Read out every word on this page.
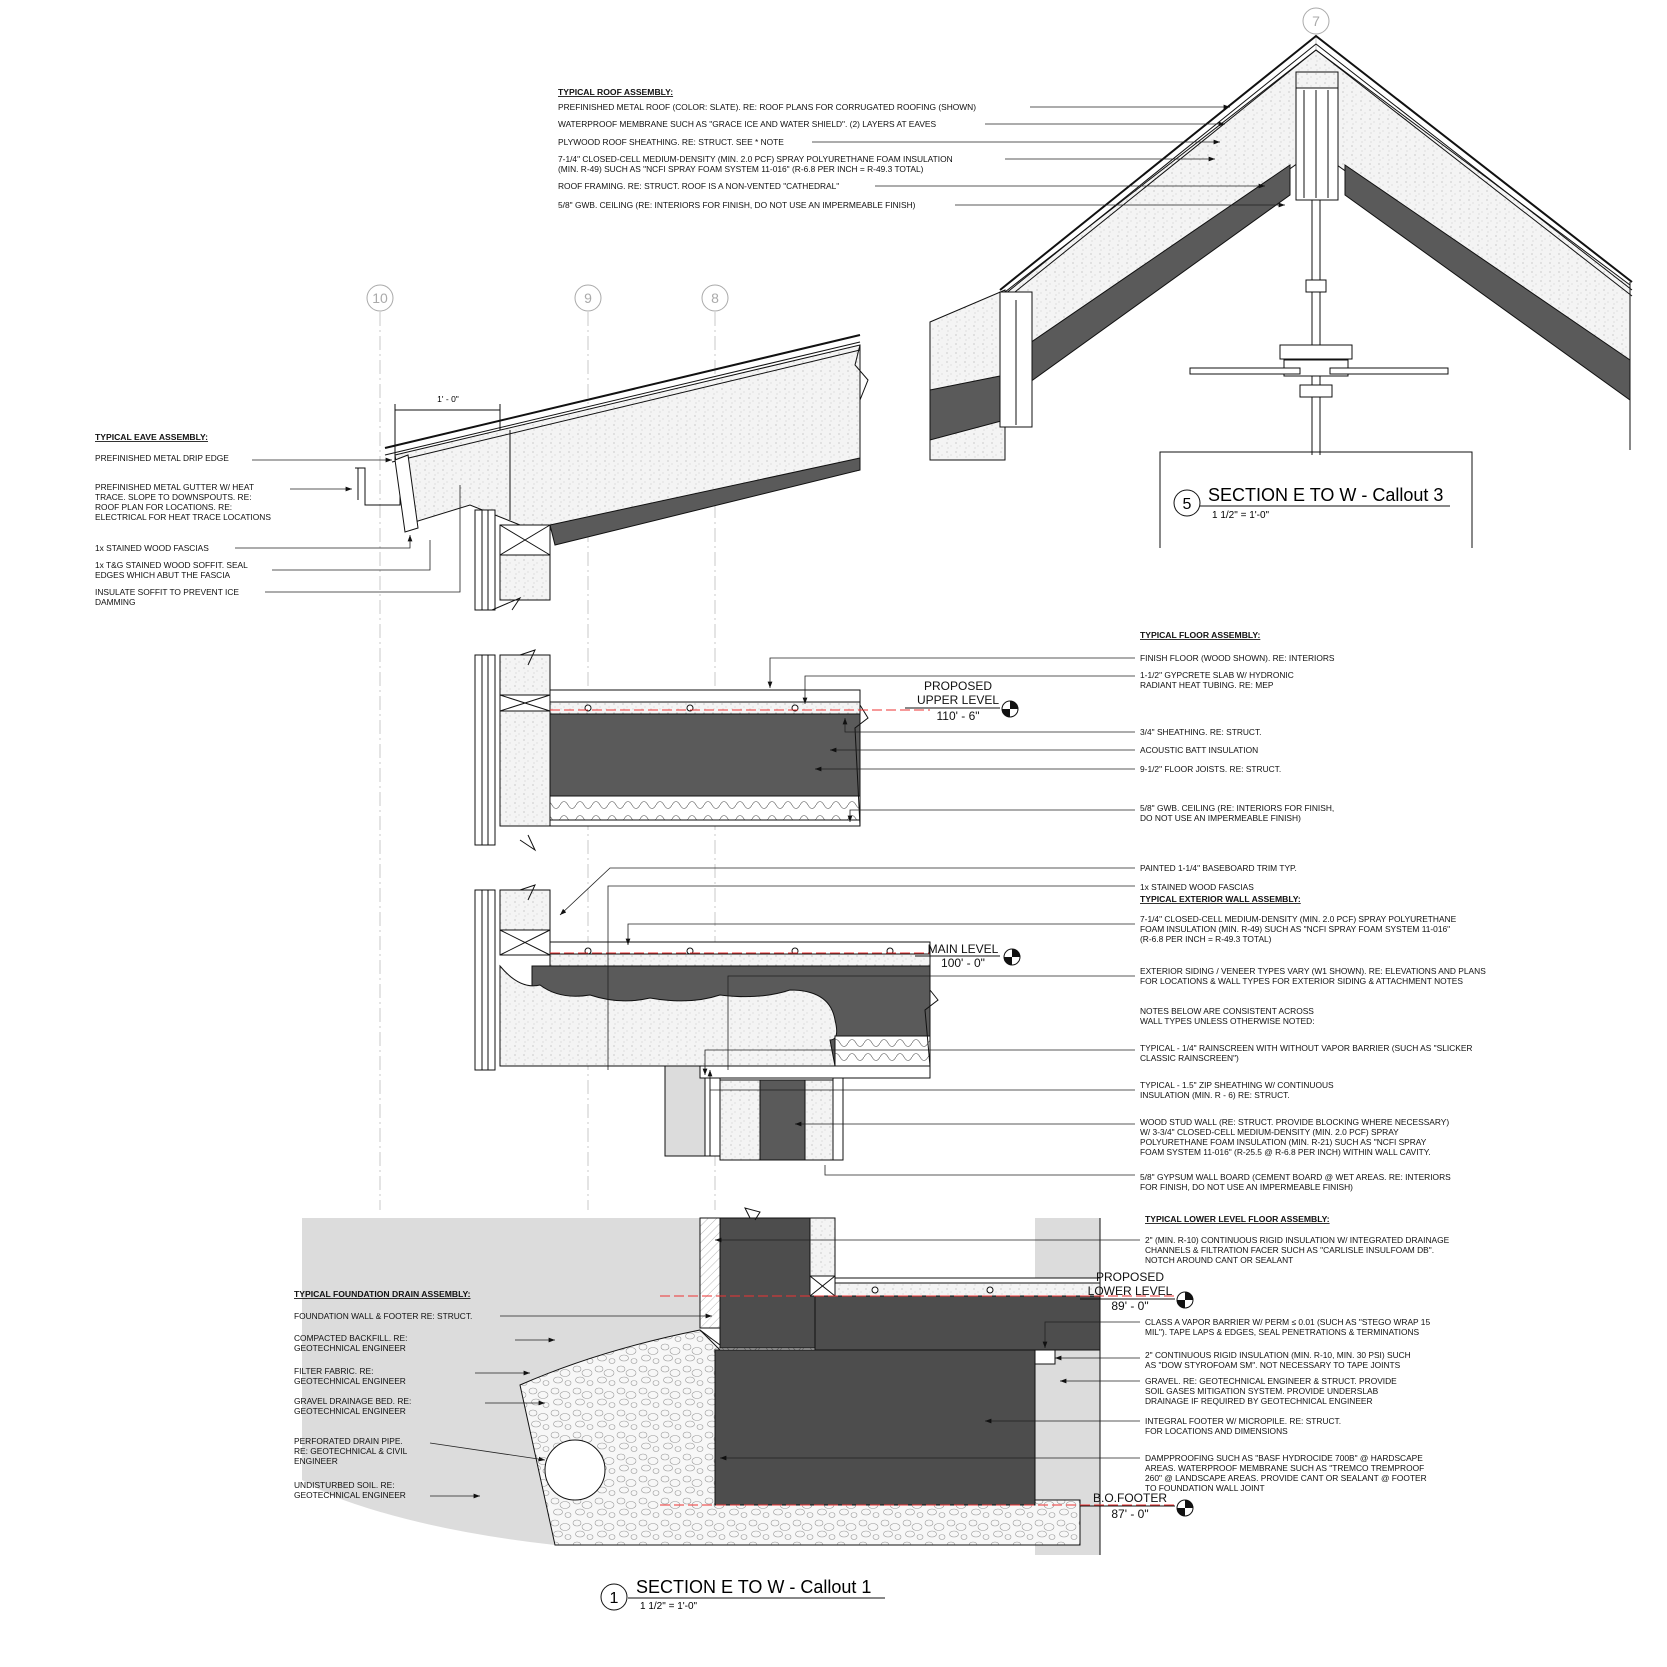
7
10	9	8
TYPICAL ROOF ASSEMBLY:
PREFINISHED METAL ROOF (COLOR: SLATE). RE: ROOF PLANS FOR CORRUGATED ROOFING (SHOWN)
WATERPROOF MEMBRANE SUCH AS "GRACE ICE AND WATER SHIELD". (2) LAYERS AT EAVES
PLYWOOD ROOF SHEATHING. RE: STRUCT. SEE * NOTE
7-1/4" CLOSED-CELL MEDIUM-DENSITY (MIN. 2.0 PCF) SPRAY POLYURETHANE FOAM INSULATION
(MIN. R-49) SUCH AS "NCFI SPRAY FOAM SYSTEM 11-016" (R-6.8 PER INCH = R-49.3 TOTAL)
ROOF FRAMING. RE: STRUCT. ROOF IS A NON-VENTED "CATHEDRAL"
5/8" GWB. CEILING (RE: INTERIORS FOR FINISH, DO NOT USE AN IMPERMEABLE FINISH)
5 SECTION E TO W - Callout 3
1 1/2" = 1'-0"
1' - 0"
TYPICAL EAVE ASSEMBLY:
PREFINISHED METAL DRIP EDGE
PREFINISHED METAL GUTTER W/ HEAT
TRACE. SLOPE TO DOWNSPOUTS. RE:
ROOF PLAN FOR LOCATIONS. RE:
ELECTRICAL FOR HEAT TRACE LOCATIONS
1x STAINED WOOD FASCIAS
1x T&G STAINED WOOD SOFFIT. SEAL
EDGES WHICH ABUT THE FASCIA
INSULATE SOFFIT TO PREVENT ICE
DAMMING
PROPOSED
UPPER LEVEL
110' - 6"
TYPICAL FLOOR ASSEMBLY:
FINISH FLOOR (WOOD SHOWN). RE: INTERIORS
1-1/2" GYPCRETE SLAB W/ HYDRONIC
RADIANT HEAT TUBING. RE: MEP
3/4" SHEATHING. RE: STRUCT.
ACOUSTIC BATT INSULATION
9-1/2" FLOOR JOISTS. RE: STRUCT.
5/8" GWB. CEILING (RE: INTERIORS FOR FINISH,
DO NOT USE AN IMPERMEABLE FINISH)
MAIN LEVEL
100' - 0"
PAINTED 1-1/4" BASEBOARD TRIM TYP.
1x STAINED WOOD FASCIAS
TYPICAL EXTERIOR WALL ASSEMBLY:
7-1/4" CLOSED-CELL MEDIUM-DENSITY (MIN. 2.0 PCF) SPRAY POLYURETHANE
FOAM INSULATION (MIN. R-49) SUCH AS "NCFI SPRAY FOAM SYSTEM 11-016"
(R-6.8 PER INCH = R-49.3 TOTAL)
EXTERIOR SIDING / VENEER TYPES VARY (W1 SHOWN). RE: ELEVATIONS AND PLANS
FOR LOCATIONS & WALL TYPES FOR EXTERIOR SIDING & ATTACHMENT NOTES
NOTES BELOW ARE CONSISTENT ACROSS
WALL TYPES UNLESS OTHERWISE NOTED:
TYPICAL - 1/4" RAINSCREEN WITH WITHOUT VAPOR BARRIER (SUCH AS "SLICKER
CLASSIC RAINSCREEN")
TYPICAL - 1.5" ZIP SHEATHING W/ CONTINUOUS
INSULATION (MIN. R - 6) RE: STRUCT.
WOOD STUD WALL (RE: STRUCT. PROVIDE BLOCKING WHERE NECESSARY)
W/ 3-3/4" CLOSED-CELL MEDIUM-DENSITY (MIN. 2.0 PCF) SPRAY
POLYURETHANE FOAM INSULATION (MIN. R-21) SUCH AS "NCFI SPRAY
FOAM SYSTEM 11-016" (R-25.5 @ R-6.8 PER INCH) WITHIN WALL CAVITY.
5/8" GYPSUM WALL BOARD (CEMENT BOARD @ WET AREAS. RE: INTERIORS
FOR FINISH, DO NOT USE AN IMPERMEABLE FINISH)
PROPOSED
LOWER LEVEL
89' - 0"
B.O.FOOTER
87' - 0"
TYPICAL LOWER LEVEL FLOOR ASSEMBLY:
2" (MIN. R-10) CONTINUOUS RIGID INSULATION W/ INTEGRATED DRAINAGE
CHANNELS & FILTRATION FACER SUCH AS "CARLISLE INSULFOAM DB".
NOTCH AROUND CANT OR SEALANT
CLASS A VAPOR BARRIER W/ PERM ≤ 0.01 (SUCH AS "STEGO WRAP 15
MIL"). TAPE LAPS & EDGES, SEAL PENETRATIONS & TERMINATIONS
2" CONTINUOUS RIGID INSULATION (MIN. R-10, MIN. 30 PSI) SUCH
AS "DOW STYROFOAM SM". NOT NECESSARY TO TAPE JOINTS
GRAVEL. RE: GEOTECHNICAL ENGINEER & STRUCT. PROVIDE
SOIL GASES MITIGATION SYSTEM. PROVIDE UNDERSLAB
DRAINAGE IF REQUIRED BY GEOTECHNICAL ENGINEER
INTEGRAL FOOTER W/ MICROPILE. RE: STRUCT.
FOR LOCATIONS AND DIMENSIONS
DAMPPROOFING SUCH AS "BASF HYDROCIDE 700B" @ HARDSCAPE
AREAS. WATERPROOF MEMBRANE SUCH AS "TREMCO TREMPROOF
260" @ LANDSCAPE AREAS. PROVIDE CANT OR SEALANT @ FOOTER
TO FOUNDATION WALL JOINT
TYPICAL FOUNDATION DRAIN ASSEMBLY:
FOUNDATION WALL & FOOTER RE: STRUCT.
COMPACTED BACKFILL. RE:
GEOTECHNICAL ENGINEER
FILTER FABRIC. RE:
GEOTECHNICAL ENGINEER
GRAVEL DRAINAGE BED. RE:
GEOTECHNICAL ENGINEER
PERFORATED DRAIN PIPE.
RE: GEOTECHNICAL & CIVIL
ENGINEER
UNDISTURBED SOIL. RE:
GEOTECHNICAL ENGINEER
1
SECTION E TO W - Callout 1
1 1/2" = 1'-0"
